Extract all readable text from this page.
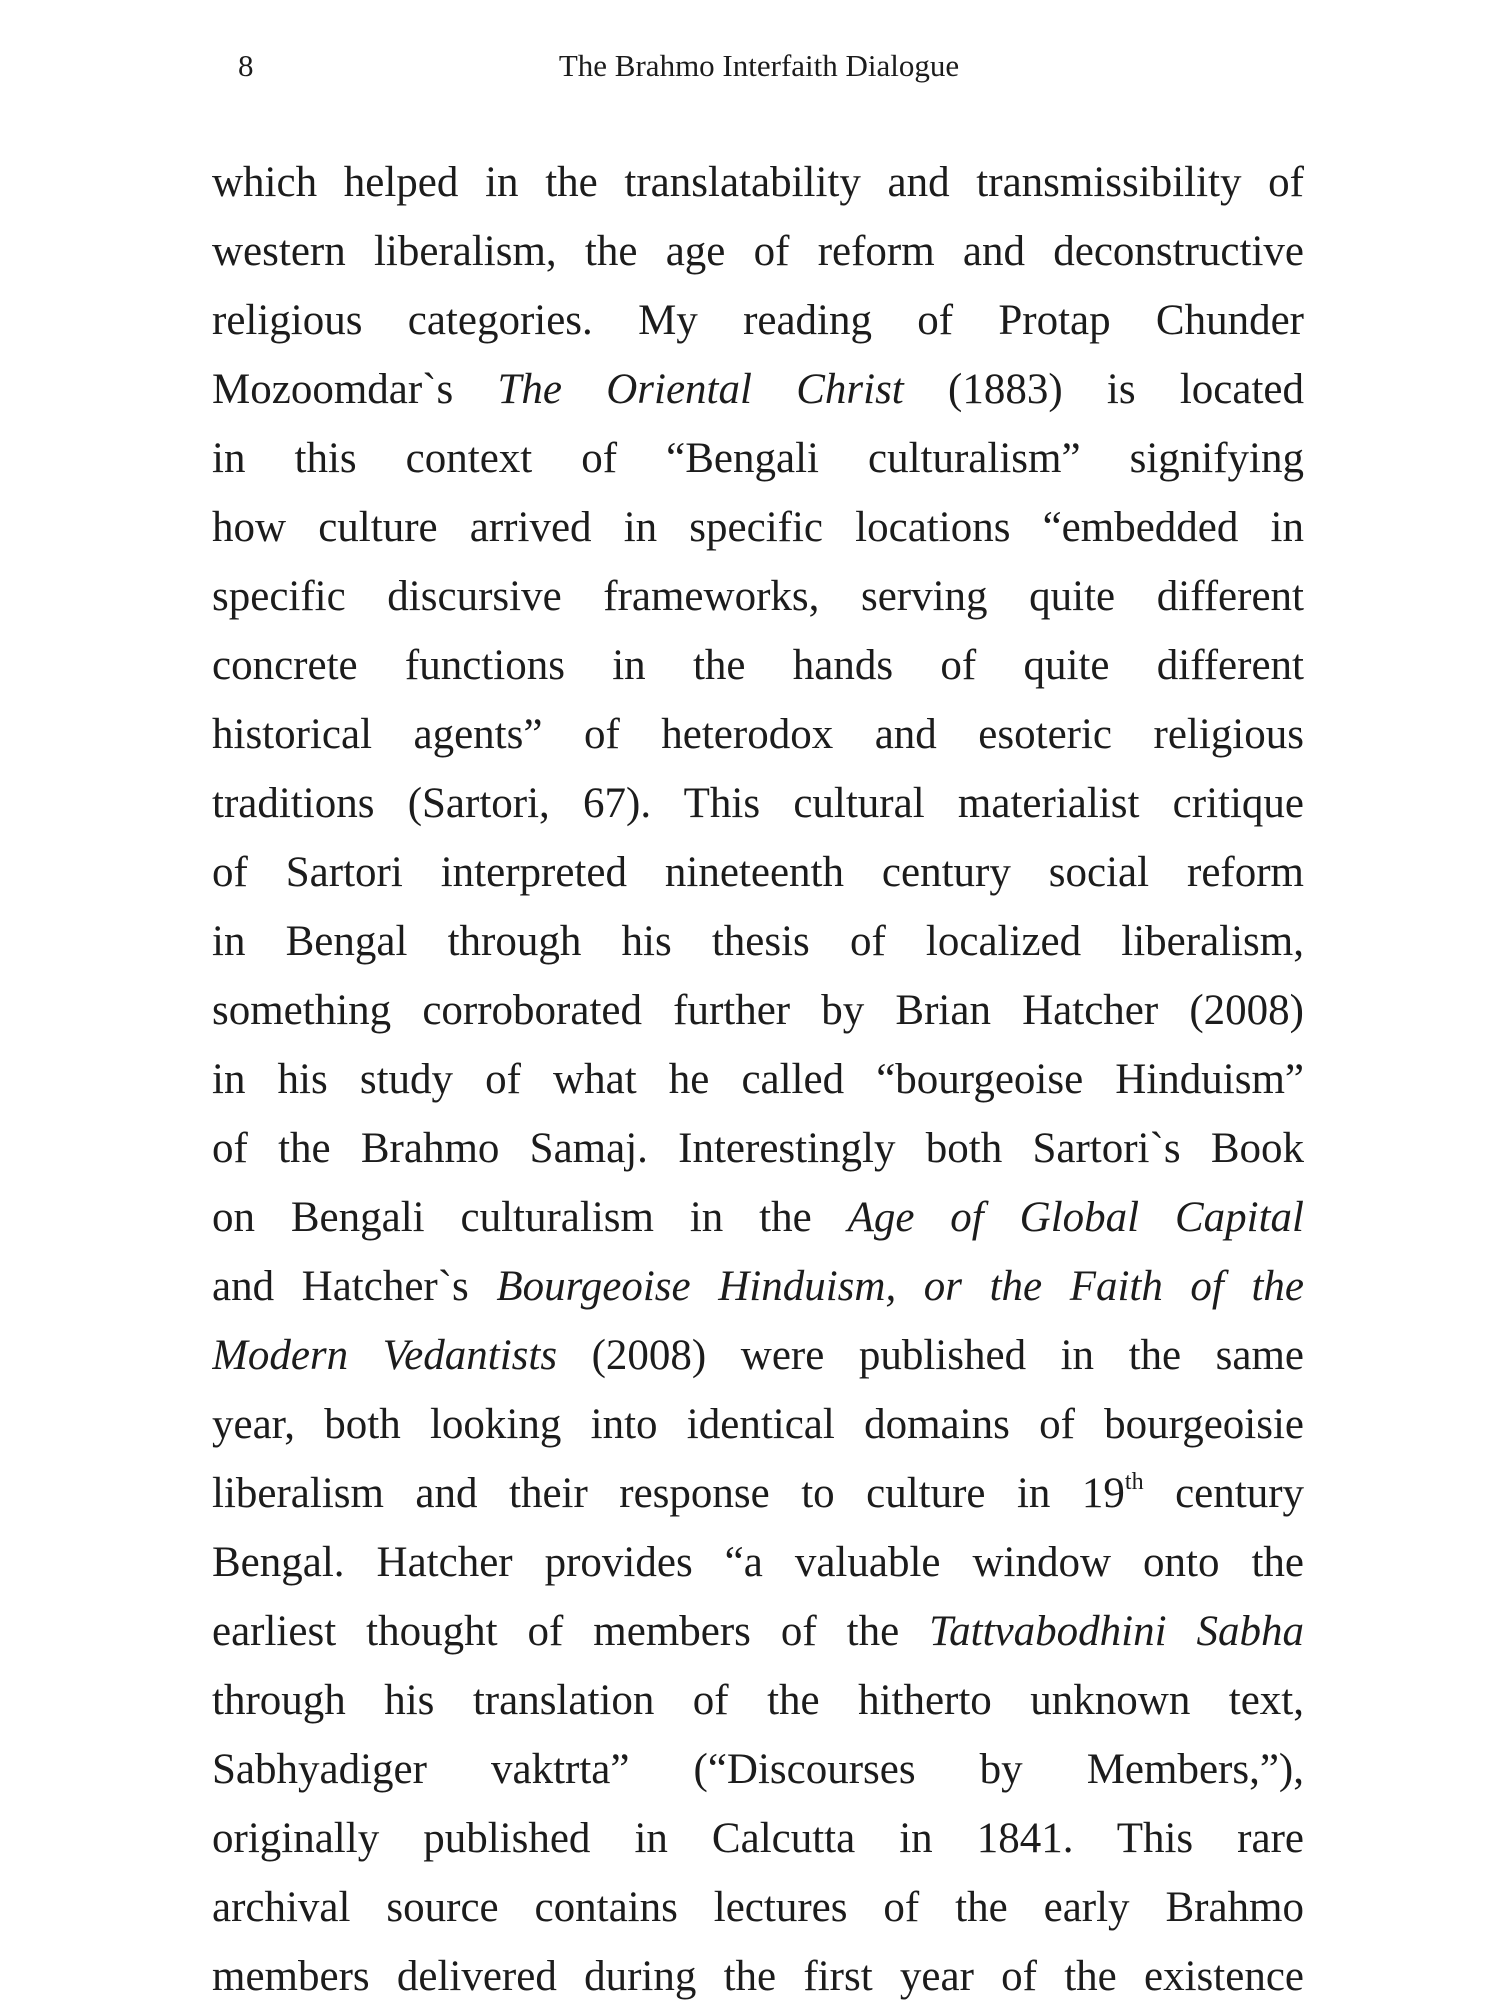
8	The Brahmo Interfaith Dialogue
which helped in the translatability and transmissibility of
western liberalism, the age of reform and deconstructive
religious categories. My reading of Protap Chunder
Mozoomdar`s The Oriental Christ (1883) is located
in this context of “Bengali culturalism” signifying
how culture arrived in specific locations “embedded in
specific discursive frameworks, serving quite different
concrete functions in the hands of quite different
historical agents” of heterodox and esoteric religious
traditions (Sartori, 67). This cultural materialist critique
of Sartori interpreted nineteenth century social reform
in Bengal through his thesis of localized liberalism,
something corroborated further by Brian Hatcher (2008)
in his study of what he called “bourgeoise Hinduism”
of the Brahmo Samaj. Interestingly both Sartori`s Book
on Bengali culturalism in the Age of Global Capital
and Hatcher`s Bourgeoise Hinduism, or the Faith of the
Modern Vedantists (2008) were published in the same
year, both looking into identical domains of bourgeoisie
liberalism and their response to culture in 19th century
Bengal. Hatcher provides “a valuable window onto the
earliest thought of members of the Tattvabodhini Sabha
through his translation of the hitherto unknown text,
Sabhyadiger vaktrta” (“Discourses by Members,”),
originally published in Calcutta in 1841. This rare
archival source contains lectures of the early Brahmo
members delivered during the first year of the existence
